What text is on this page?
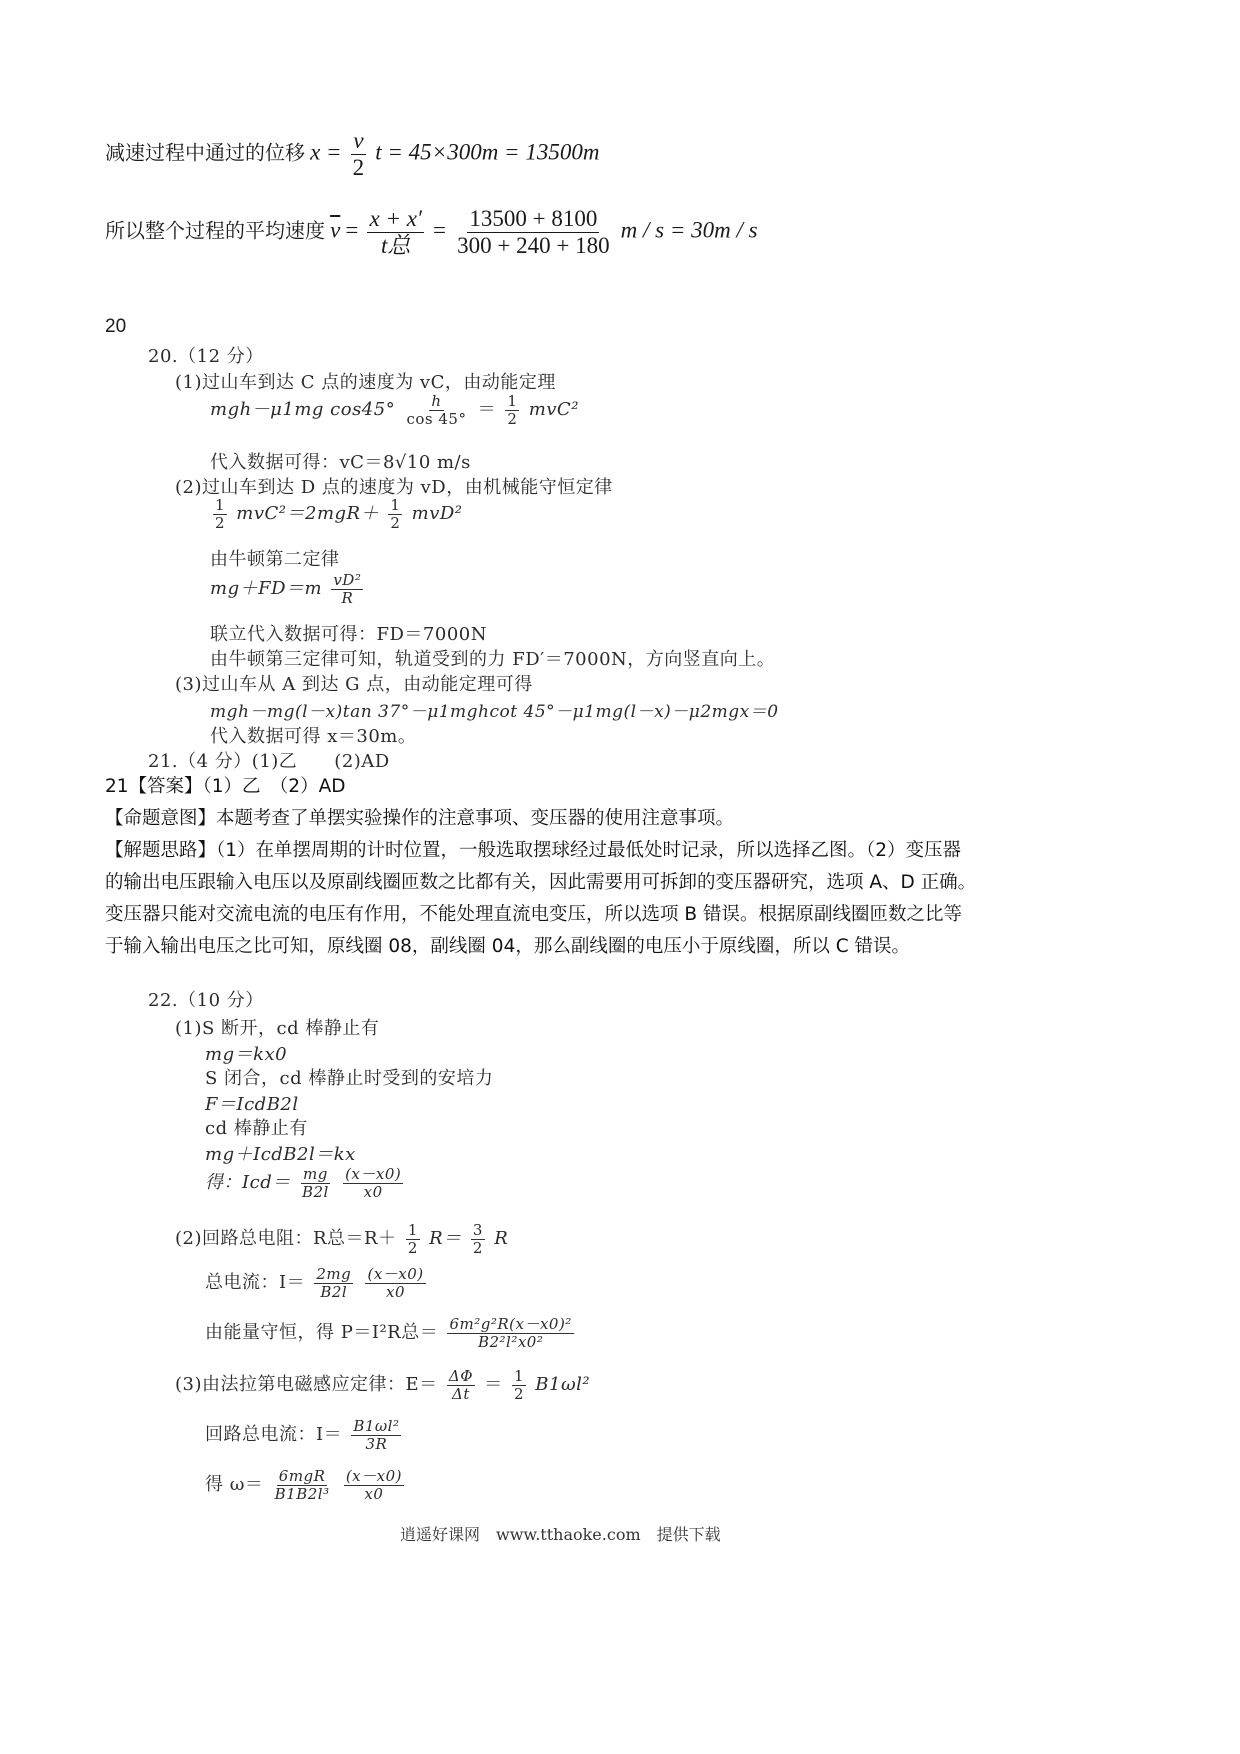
减速过程中通过的位移 $x = \frac{v}{2}$ t = 45×300m = 13500m
所以整个过程的平均速度 $\overline{v} = \frac{x + x'}{\text{t总}} = \frac{13500 + 8100}{300 + 240 + 180}$ m / s = 30m / s
20
20.（12 分）
(1)过山车到达 C 点的速度为 vC，由动能定理
mgh－μ1mg $\cos 45^\circ \frac{h}{\cos 45^\circ} = \frac{1}{2} mvC^2$
代入数据可得：vC＝8√10 m/s
(2)过山车到达 D 点的速度为 vD，由机械能守恒定律
$\frac{1}{2} mvC^2=2mgR+ \frac{1}{2} mvD^2$
由牛顿第二定律
$mg+FD=m \frac{\text{vD²}}{R}$
联立代入数据可得：FD＝7000N
由牛顿第三定律可知，轨道受到的力 FD′＝7000N，方向竖直向上。
(3)过山车从 A 到达 G 点，由动能定理可得
mgh－mg(l－x)tan 37°－μ1mghcot 45°－μ1mg(l－x)－μ2mgx＝0
代入数据可得 x＝30m。
21.（4 分）(1)乙　　(2)AD
21【答案】（1）乙　（2）AD
【命题意图】本题考查了单摆实验操作的注意事项、变压器的使用注意事项。
【解题思路】（1）在单摆周期的计时位置，一般选取摆球经过最低处时记录，所以选择乙图。（2）变压器
的输出电压跟输入电压以及原副线圈匝数之比都有关，因此需要用可拆卸的变压器研究，选项 A、D 正确。
变压器只能对交流电流的电压有作用，不能处理直流电变压，所以选项 B 错误。根据原副线圈匝数之比等
于输入输出电压之比可知，原线圈 08，副线圈 04，那么副线圈的电压小于原线圈，所以 C 错误。
22.（10 分）
(1)S 断开，cd 棒静止有
mg＝kx0
S 闭合，cd 棒静止时受到的安培力
F＝IcdB2l
cd 棒静止有
mg＋IcdB2l＝kx
得：$Icd= \frac{mg}{B2l}$
$\frac{(x-x0)}{x0}$
(2)回路总电阻：R总$=R+ \frac{1}{2} R= \frac{3}{2}$ R
总电流：$I= \frac{2mg}{B2l}$
$\frac{(x-x0)}{x0}$
由能量守恒，得 P＝I²R总＝ $\frac{\text{6m²g²R(x－x0)²}}{\text{B2²l²x0²}}$
(3)由法拉第电磁感应定律：$E= \frac{\Delta\Phi}{\Delta t} = \frac{1}{2} B1\omega l^2$
回路总电流：$I= \frac{\text{B1ωl²}}{3R}$
得 $\omega= \frac{\text{6mgR}}{\text{B1B2l³}}$
$\frac{(x-x0)}{x0}$
逍遥好课网　www.tthaoke.com　提供下载
